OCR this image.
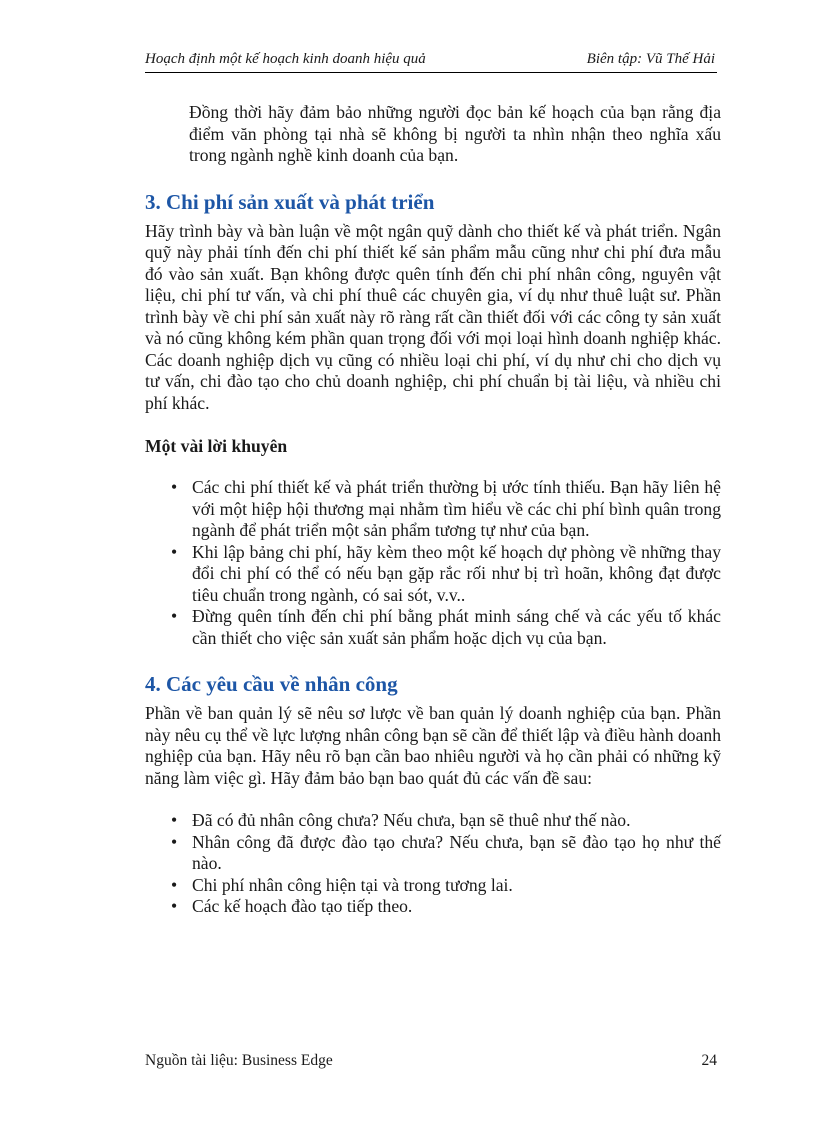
Hoạch định một kế hoạch kinh doanh hiệu quả	Biên tập: Vũ Thế Hải

Đồng thời hãy đảm bảo những người đọc bản kế hoạch của bạn rằng địa điểm văn phòng tại nhà sẽ không bị người ta nhìn nhận theo nghĩa xấu trong ngành nghề kinh doanh của bạn.

3. Chi phí sản xuất và phát triển

Hãy trình bày và bàn luận về một ngân quỹ dành cho thiết kế và phát triển. Ngân quỹ này phải tính đến chi phí thiết kế sản phẩm mẫu cũng như chi phí đưa mẫu đó vào sản xuất. Bạn không được quên tính đến chi phí nhân công, nguyên vật liệu, chi phí tư vấn, và chi phí thuê các chuyên gia, ví dụ như thuê luật sư. Phần trình bày về chi phí sản xuất này rõ ràng rất cần thiết đối với các công ty sản xuất và nó cũng không kém phần quan trọng đối với mọi loại hình doanh nghiệp khác. Các doanh nghiệp dịch vụ cũng có nhiều loại chi phí, ví dụ như chi cho dịch vụ tư vấn, chi đào tạo cho chủ doanh nghiệp, chi phí chuẩn bị tài liệu, và nhiều chi phí khác.

Một vài lời khuyên
• Các chi phí thiết kế và phát triển thường bị ước tính thiếu. Bạn hãy liên hệ với một hiệp hội thương mại nhằm tìm hiểu về các chi phí bình quân trong ngành để phát triển một sản phẩm tương tự như của bạn.
• Khi lập bảng chi phí, hãy kèm theo một kế hoạch dự phòng về những thay đổi chi phí có thể có nếu bạn gặp rắc rối như bị trì hoãn, không đạt được tiêu chuẩn trong ngành, có sai sót, v.v..
• Đừng quên tính đến chi phí bằng phát minh sáng chế và các yếu tố khác cần thiết cho việc sản xuất sản phẩm hoặc dịch vụ của bạn.
4. Các yêu cầu về nhân công

Phần về ban quản lý sẽ nêu sơ lược về ban quản lý doanh nghiệp của bạn. Phần này nêu cụ thể về lực lượng nhân công bạn sẽ cần để thiết lập và điều hành doanh nghiệp của bạn. Hãy nêu rõ bạn cần bao nhiêu người và họ cần phải có những kỹ năng làm việc gì. Hãy đảm bảo bạn bao quát đủ các vấn đề sau:

• Đã có đủ nhân công chưa? Nếu chưa, bạn sẽ thuê như thế nào.
• Nhân công đã được đào tạo chưa? Nếu chưa, bạn sẽ đào tạo họ như thế nào.
• Chi phí nhân công hiện tại và trong tương lai.
• Các kế hoạch đào tạo tiếp theo.
Nguồn tài liệu: Business Edge	24
